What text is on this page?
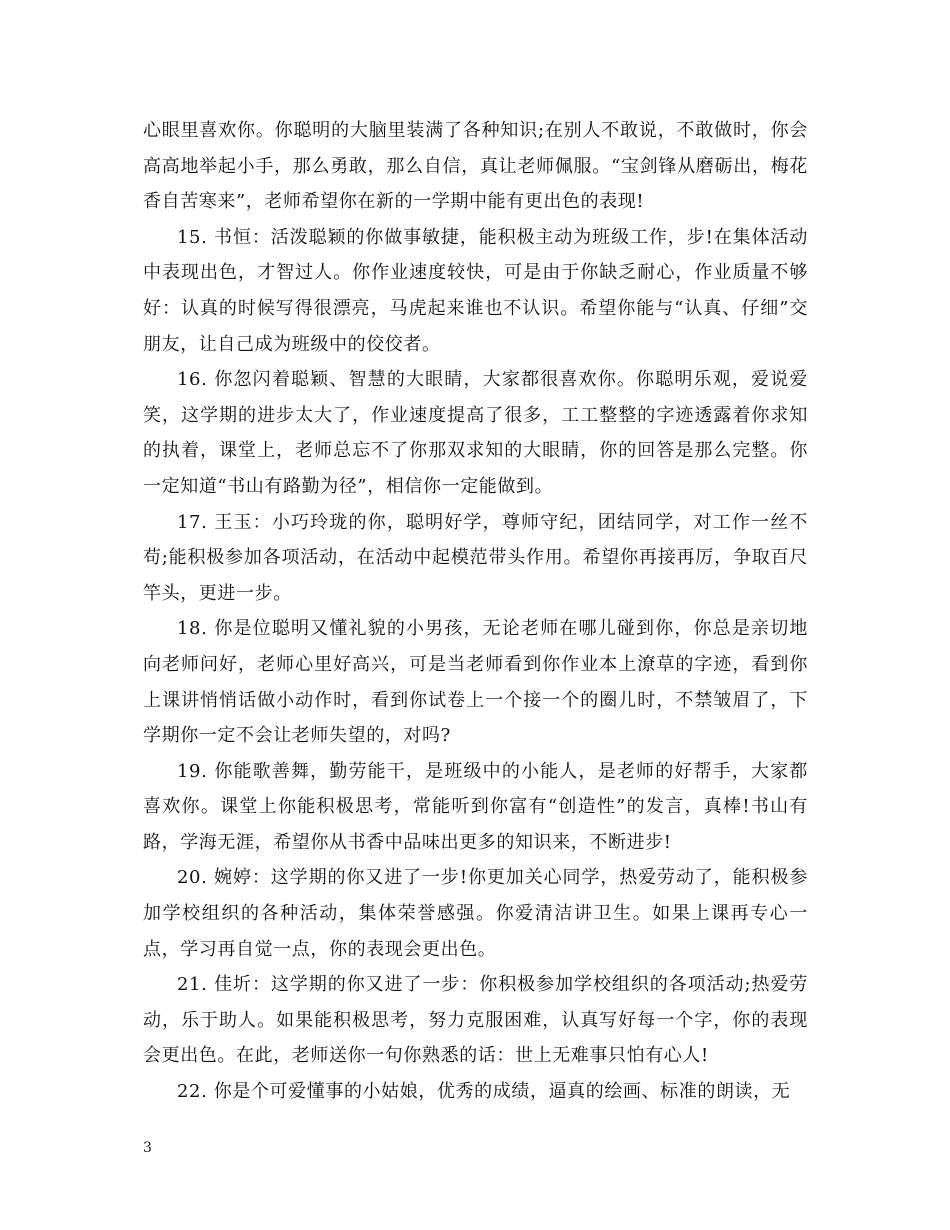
心眼里喜欢你。你聪明的大脑里装满了各种知识;在别人不敢说，不敢做时，你会高高地举起小手，那么勇敢，那么自信，真让老师佩服。“宝剑锋从磨砺出，梅花香自苦寒来”，老师希望你在新的一学期中能有更出色的表现!

15. 书恒：活泼聪颖的你做事敏捷，能积极主动为班级工作，步!在集体活动中表现出色，才智过人。你作业速度较快，可是由于你缺乏耐心，作业质量不够好：认真的时候写得很漂亮，马虎起来谁也不认识。希望你能与“认真、仔细”交朋友，让自己成为班级中的佼佼者。

16. 你忽闪着聪颖、智慧的大眼睛，大家都很喜欢你。你聪明乐观，爱说爱笑，这学期的进步太大了，作业速度提高了很多，工工整整的字迹透露着你求知的执着，课堂上，老师总忘不了你那双求知的大眼睛，你的回答是那么完整。你一定知道“书山有路勤为径”，相信你一定能做到。

17. 王玉：小巧玲珑的你，聪明好学，尊师守纪，团结同学，对工作一丝不苟;能积极参加各项活动，在活动中起模范带头作用。希望你再接再厉，争取百尺竿头，更进一步。

18. 你是位聪明又懂礼貌的小男孩，无论老师在哪儿碰到你，你总是亲切地向老师问好，老师心里好高兴，可是当老师看到你作业本上潦草的字迹，看到你上课讲悄悄话做小动作时，看到你试卷上一个接一个的圈儿时，不禁皱眉了，下学期你一定不会让老师失望的，对吗?

19. 你能歌善舞，勤劳能干，是班级中的小能人，是老师的好帮手，大家都喜欢你。课堂上你能积极思考，常能听到你富有“创造性”的发言，真棒!书山有路，学海无涯，希望你从书香中品味出更多的知识来，不断进步!

20. 婉婷：这学期的你又进了一步!你更加关心同学，热爱劳动了，能积极参加学校组织的各种活动，集体荣誉感强。你爱清洁讲卫生。如果上课再专心一点，学习再自觉一点，你的表现会更出色。

21. 佳圻：这学期的你又进了一步：你积极参加学校组织的各项活动;热爱劳动，乐于助人。如果能积极思考，努力克服困难，认真写好每一个字，你的表现会更出色。在此，老师送你一句你熟悉的话：世上无难事只怕有心人!

22. 你是个可爱懂事的小姑娘，优秀的成绩，逼真的绘画、标准的朗读，无

3
